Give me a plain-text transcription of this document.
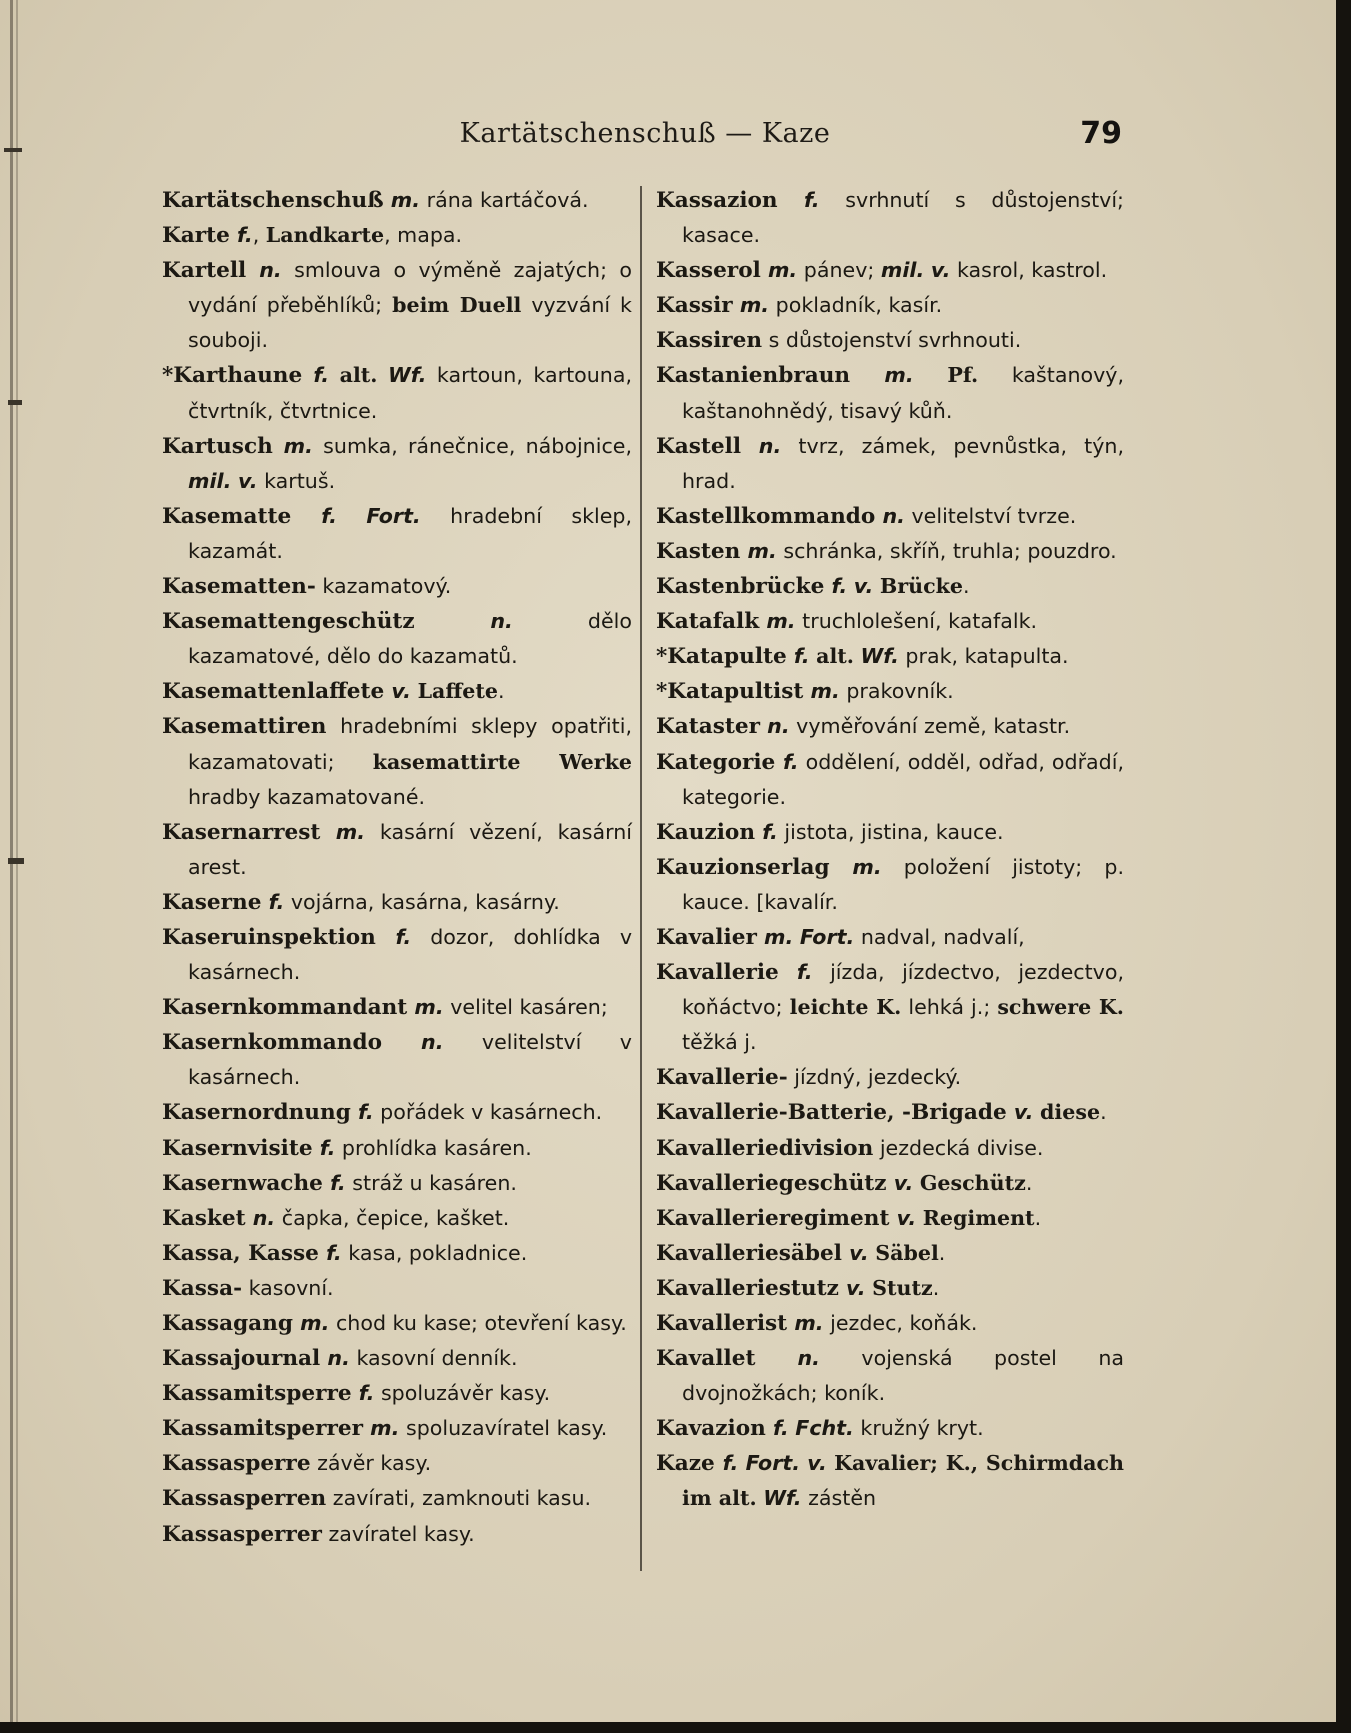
Kartätschenschuß — Kaze	79
Kartätschenschuß m. rána kartáčová.
Karte f., Landkarte, mapa.
Kartell n. smlouva o výměně zajatých; o vydání přeběhlíků; beim Duell vyzvání k souboji.
*Karthaune f. alt. Wf. kartoun, kartouna, čtvrtník, čtvrtnice.
Kartusch m. sumka, ránečnice, nábojnice, mil. v. kartuš.
Kasematte f. Fort. hradební sklep, kazamát.
Kasematten- kazamatový.
Kasemattengeschütz n. dělo kazamatové, dělo do kazamatů.
Kasemattenlaffete v. Laffete.
Kasemattiren hradebními sklepy opatřiti, kazamatovati; kasemattirte Werke hradby kazamatované.
Kasernarrest m. kasární vězení, kasární arest.
Kaserne f. vojárna, kasárna, kasárny.
Kaseruinspektion f. dozor, dohlídka v kasárnech.
Kasernkommandant m. velitel kasáren;
Kasernkommando n. velitelství v kasárnech.
Kasernordnung f. pořádek v kasárnech.
Kasernvisite f. prohlídka kasáren.
Kasernwache f. stráž u kasáren.
Kasket n. čapka, čepice, kašket.
Kassa, Kasse f. kasa, pokladnice.
Kassa- kasovní.
Kassagang m. chod ku kase; otevření kasy.
Kassajournal n. kasovní denník.
Kassamitsperre f. spoluzávěr kasy.
Kassamitsperrer m. spoluzavíratel kasy.
Kassasperre závěr kasy.
Kassasperren zavírati, zamknouti kasu.
Kassasperrer zavíratel kasy.
Kassazion f. svrhnutí s důstojenství; kasace.
Kasserol m. pánev; mil. v. kasrol, kastrol.
Kassir m. pokladník, kasír.
Kassiren s důstojenství svrhnouti.
Kastanienbraun m. Pf. kaštanový, kaštanohnědý, tisavý kůň.
Kastell n. tvrz, zámek, pevnůstka, týn, hrad.
Kastellkommando n. velitelství tvrze.
Kasten m. schránka, skříň, truhla; pouzdro.
Kastenbrücke f. v. Brücke.
Katafalk m. truchlolešení, katafalk.
*Katapulte f. alt. Wf. prak, katapulta.
*Katapultist m. prakovník.
Kataster n. vyměřování země, katastr.
Kategorie f. oddělení, odděl, odřad, odřadí, kategorie.
Kauzion f. jistota, jistina, kauce.
Kauzionserlag m. položení jistoty; p. kauce. [kavalír.
Kavalier m. Fort. nadval, nadvalí,
Kavallerie f. jízda, jízdectvo, jezdectvo, koňáctvo; leichte K. lehká j.; schwere K. těžká j.
Kavallerie- jízdný, jezdecký.
Kavallerie-Batterie, -Brigade v. diese.
Kavalleriedivision jezdecká divise.
Kavalleriegeschütz v. Geschütz.
Kavallerieregiment v. Regiment.
Kavalleriesäbel v. Säbel.
Kavalleriestutz v. Stutz.
Kavallerist m. jezdec, koňák.
Kavallet n. vojenská postel na dvojnožkách; koník.
Kavazion f. Fcht. kružný kryt.
Kaze f. Fort. v. Kavalier; K., Schirmdach im alt. Wf. zástěn
